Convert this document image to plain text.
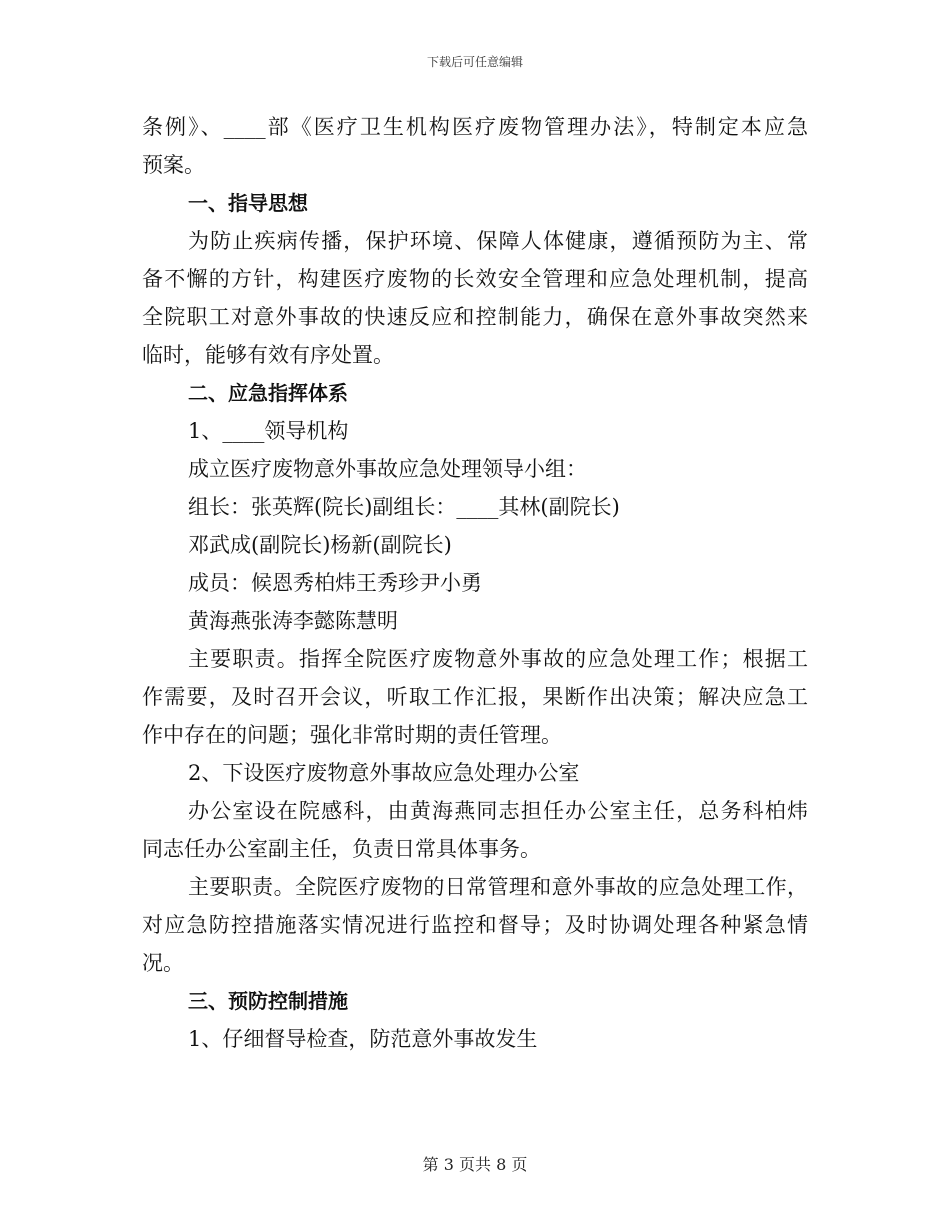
下载后可任意编辑
条例》、____部《医疗卫生机构医疗废物管理办法》，特制定本应急
预案。
一、指导思想
为防止疾病传播，保护环境、保障人体健康，遵循预防为主、常
备不懈的方针，构建医疗废物的长效安全管理和应急处理机制，提高
全院职工对意外事故的快速反应和控制能力，确保在意外事故突然来
临时，能够有效有序处置。
二、应急指挥体系
1、____领导机构
成立医疗废物意外事故应急处理领导小组：
组长：张英辉(院长)副组长：____其林(副院长)
邓武成(副院长)杨新(副院长)
成员：候恩秀柏炜王秀珍尹小勇
黄海燕张涛李懿陈慧明
主要职责。指挥全院医疗废物意外事故的应急处理工作；根据工
作需要，及时召开会议，听取工作汇报，果断作出决策；解决应急工
作中存在的问题；强化非常时期的责任管理。
2、下设医疗废物意外事故应急处理办公室
办公室设在院感科，由黄海燕同志担任办公室主任，总务科柏炜
同志任办公室副主任，负责日常具体事务。
主要职责。全院医疗废物的日常管理和意外事故的应急处理工作，
对应急防控措施落实情况进行监控和督导；及时协调处理各种紧急情
况。
三、预防控制措施
1、仔细督导检查，防范意外事故发生
第 3 页共 8 页
